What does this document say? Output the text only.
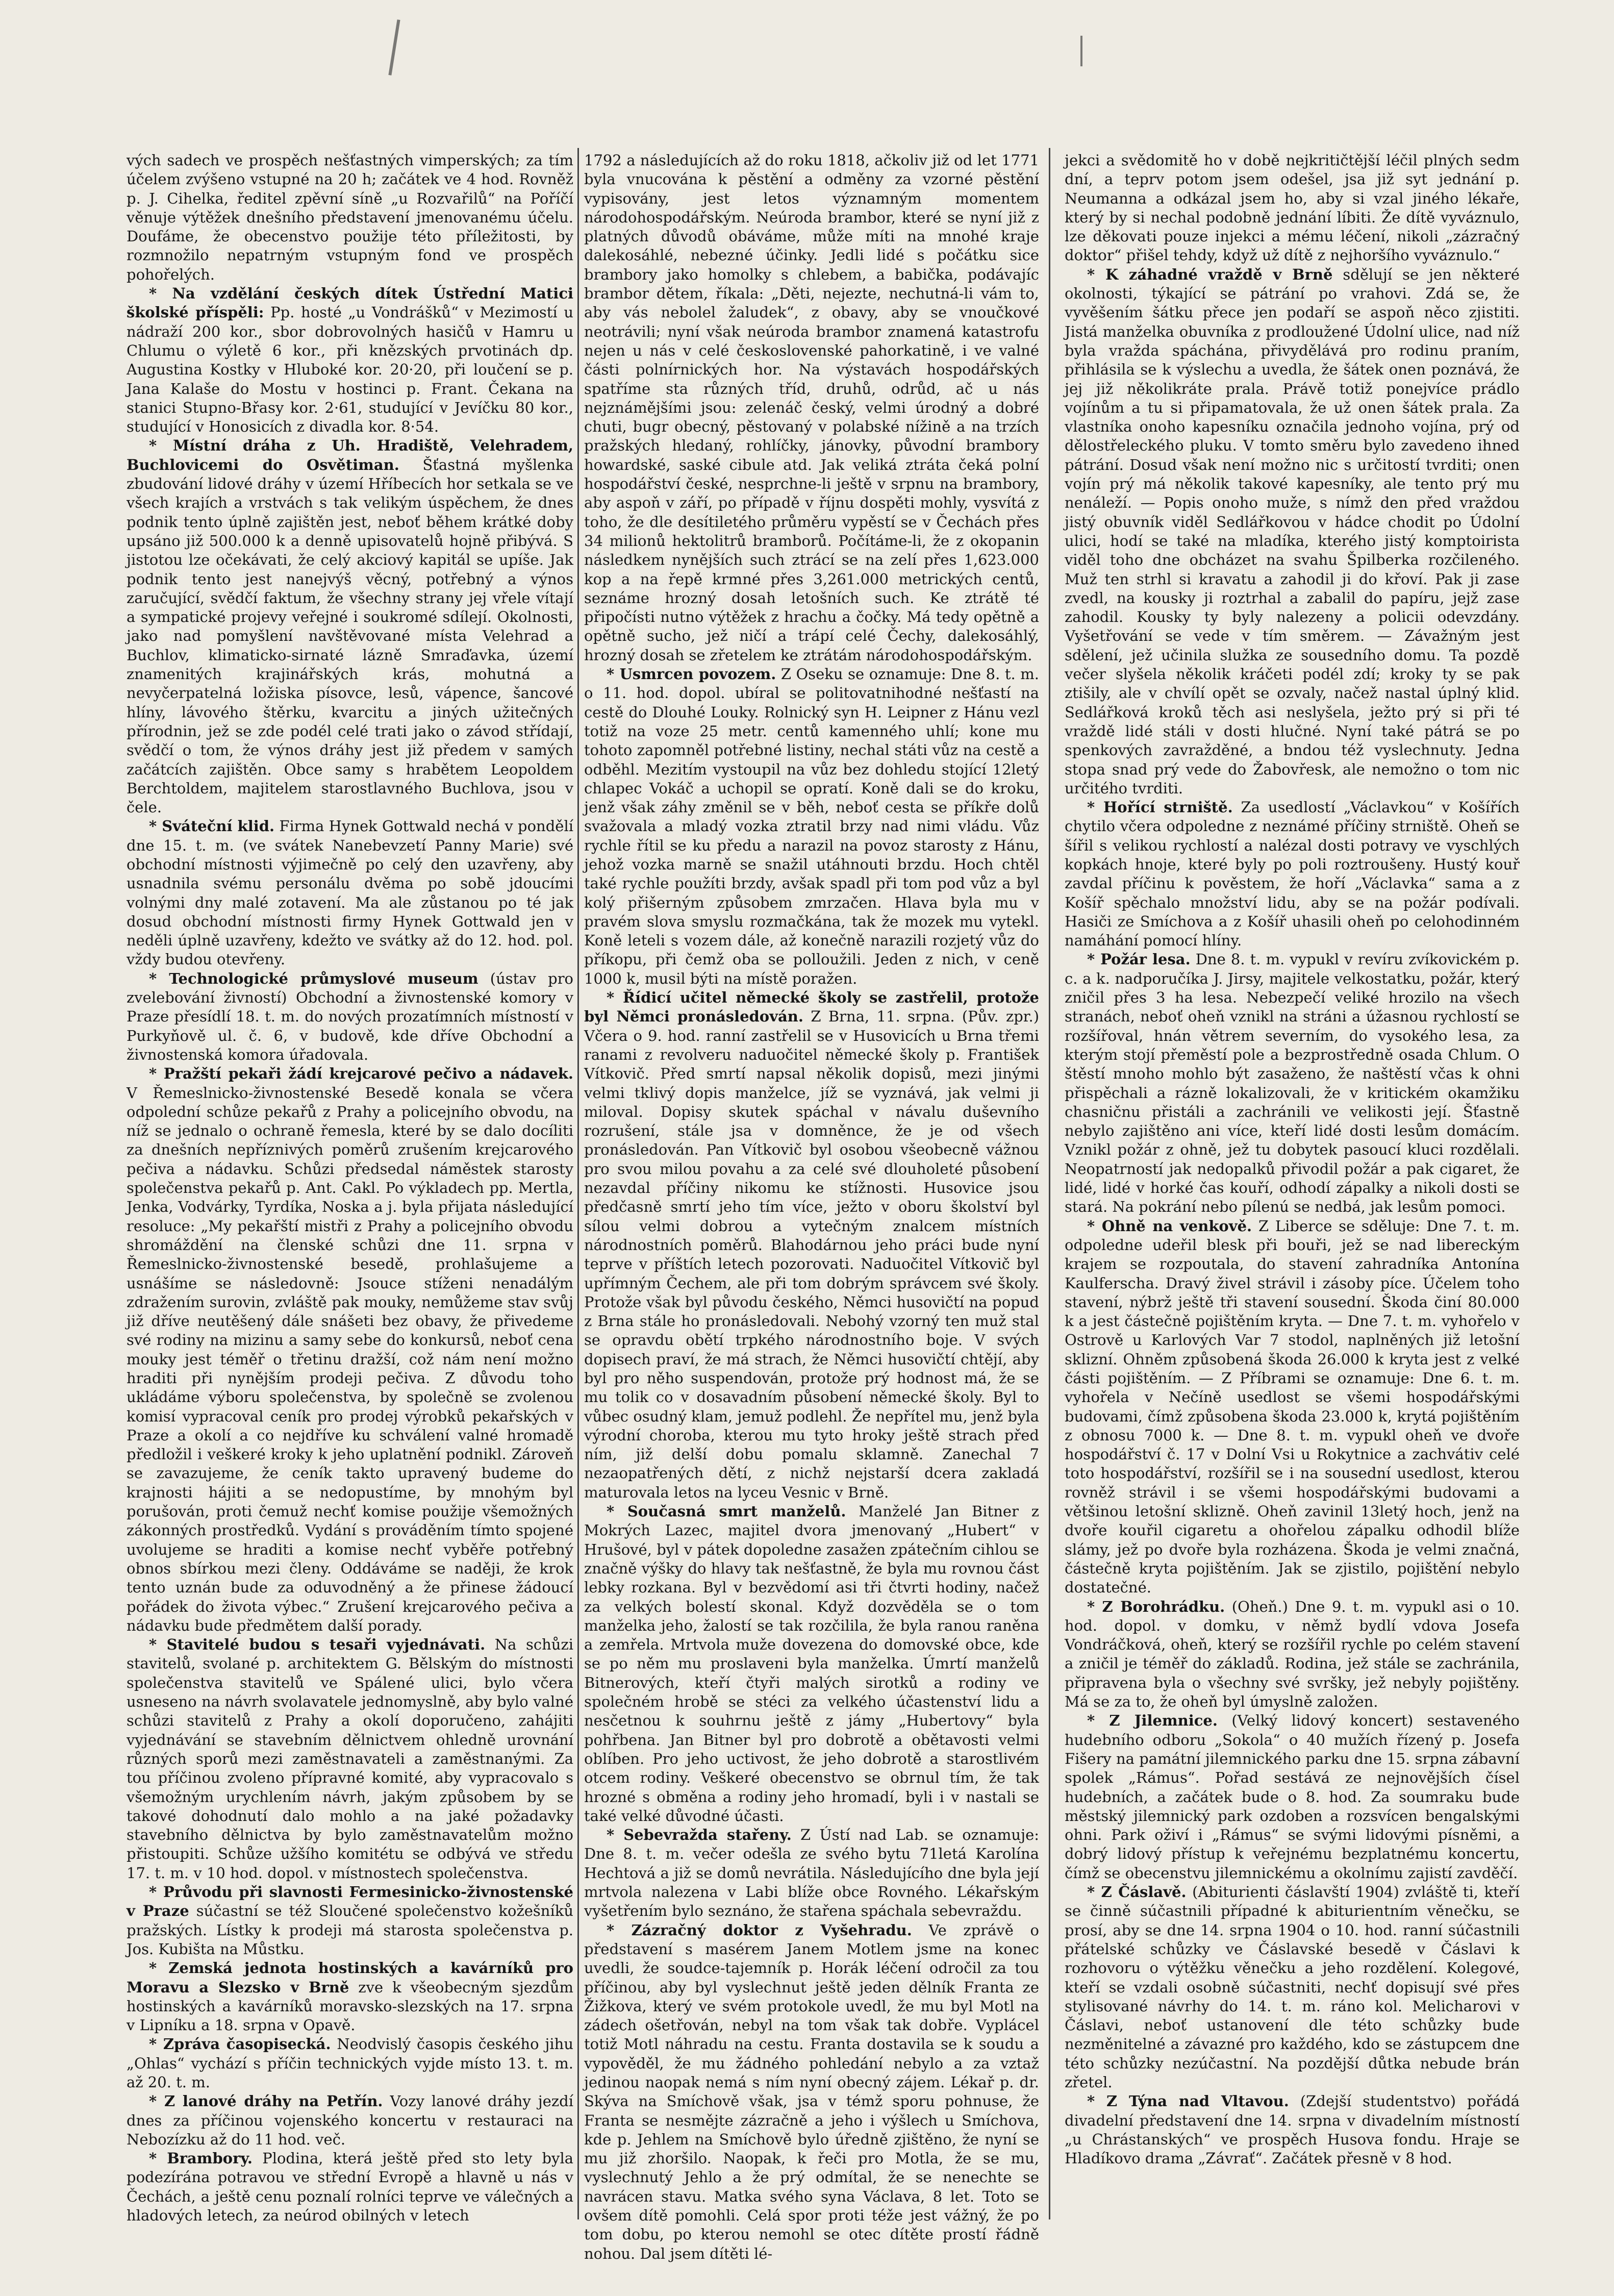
vých sadech ve prospěch nešťastných vimperských; za tím účelem zvýšeno vstupné na 20 h; začátek ve 4 hod. Rovněž p. J. Cihelka, ředitel zpěvní síně „u Rozvařilů“ na Poříčí věnuje výtěžek dnešního představení jmenovanému účelu. Doufáme, že obecenstvo použije této příležitosti, by rozmnožilo nepatrným vstupným fond ve prospěch pohořelých.

* Na vzdělání českých dítek Ústřední Matici školské příspěli: Pp. hosté „u Vondrášků“ v Mezimostí u nádraží 200 kor., sbor dobrovolných hasičů v Hamru u Chlumu o výletě 6 kor., při knězských prvotinách dp. Augustina Kostky v Hluboké kor. 20·20, při loučení se p. Jana Kalaše do Mostu v hostinci p. Frant. Čekana na stanici Stupno-Břasy kor. 2·61, studující v Jevíčku 80 kor., studující v Honosicích z divadla kor. 8·54.

* Místní dráha z Uh. Hradiště, Velehradem, Buchlovicemi do Osvětiman. Šťastná myšlenka zbudování lidové dráhy v území Hříbecích hor setkala se ve všech krajích a vrstvách s tak velikým úspěchem, že dnes podnik tento úplně zajištěn jest, neboť během krátké doby upsáno již 500.000 k a denně upisovatelů hojně přibývá. S jistotou lze očekávati, že celý akciový kapitál se upíše. Jak podnik tento jest nanejvýš věcný, potřebný a výnos zaručující, svědčí faktum, že všechny strany jej vřele vítají a sympatické projevy veřejné i soukromé sdílejí. Okolnosti, jako nad pomyšlení navštěvované místa Velehrad a Buchlov, klimaticko-sirnaté lázně Smraďavka, území znamenitých krajinářských krás, mohutná a nevyčerpatelná ložiska písovce, lesů, vápence, šancové hlíny, lávového štěrku, kvarcitu a jiných užitečných přírodnin, jež se zde podél celé trati jako o závod střídají, svědčí o tom, že výnos dráhy jest již předem v samých začátcích zajištěn. Obce samy s hrabětem Leopoldem Berchtoldem, majitelem starostlavného Buchlova, jsou v čele.

* Sváteční klid. Firma Hynek Gottwald nechá v pondělí dne 15. t. m. (ve svátek Nanebevzetí Panny Marie) své obchodní místnosti výjimečně po celý den uzavřeny, aby usnadnila svému personálu dvěma po sobě jdoucími volnými dny malé zotavení. Ma ale zůstanou po té jak dosud obchodní místnosti firmy Hynek Gottwald jen v neděli úplně uzavřeny, kdežto ve svátky až do 12. hod. pol. vždy budou otevřeny.

* Technologické průmyslové museum (ústav pro zvelebování živností) Obchodní a živnostenské komory v Praze přesídlí 18. t. m. do nových prozatímních místností v Purkyňově ul. č. 6, v budově, kde dříve Obchodní a živnostenská komora úřadovala.

* Pražští pekaři žádí krejcarové pečivo a nádavek. V Řemeslnicko-živnostenské Besedě konala se včera odpolední schůze pekařů z Prahy a policejního obvodu, na níž se jednalo o ochraně řemesla, které by se dalo docíliti za dnešních nepříznivých poměrů zrušením krejcarového pečiva a nádavku. Schůzi předsedal náměstek starosty společenstva pekařů p. Ant. Cakl. Po výkladech pp. Mertla, Jenka, Vodvárky, Tyrdíka, Noska a j. byla přijata následující resoluce: „My pekařští mistři z Prahy a policejního obvodu shromáždění na členské schůzi dne 11. srpna v Řemeslnicko-živnostenské besedě, prohlašujeme a usnášíme se následovně: Jsouce stíženi nenadálým zdražením surovin, zvláště pak mouky, nemůžeme stav svůj již dříve neutěšený dále snášeti bez obavy, že přivedeme své rodiny na mizinu a samy sebe do konkursů, neboť cena mouky jest téměř o třetinu dražší, což nám není možno hraditi při nynějším prodeji pečiva. Z důvodu toho ukládáme výboru společenstva, by společně se zvolenou komisí vypracoval ceník pro prodej výrobků pekařských v Praze a okolí a co nejdříve ku schválení valné hromadě předložil i veškeré kroky k jeho uplatnění podnikl. Zároveň se zavazujeme, že ceník takto upravený budeme do krajnosti hájiti a se nedopustíme, by mnohým byl porušován, proti čemuž nechť komise použije všemožných zákonných prostředků. Vydání s prováděním tímto spojené uvolujeme se hraditi a komise nechť vyběře potřebný obnos sbírkou mezi členy. Oddáváme se naději, že krok tento uznán bude za oduvodněný a že přinese žádoucí pořádek do života výbec.“ Zrušení krejcarového pečiva a nádavku bude předmětem další porady.

* Stavitelé budou s tesaři vyjednávati. Na schůzi stavitelů, svolané p. architektem G. Bělským do místnosti společenstva stavitelů ve Spálené ulici, bylo včera usneseno na návrh svolavatele jednomyslně, aby bylo valné schůzi stavitelů z Prahy a okolí doporučeno, zahájiti vyjednávání se stavebním dělnictvem ohledně urovnání různých sporů mezi zaměstnavateli a zaměstnanými. Za tou příčinou zvoleno přípravné komité, aby vypracovalo s všemožným urychlením návrh, jakým způsobem by se takové dohodnutí dalo mohlo a na jaké požadavky stavebního dělnictva by bylo zaměstnavatelům možno přistoupiti. Schůze užšího komitétu se odbývá ve středu 17. t. m. v 10 hod. dopol. v místnostech společenstva.

* Průvodu při slavnosti Fermesinicko-živnostenské v Praze súčastní se též Sloučené společenstvo kožešníků pražských. Lístky k prodeji má starosta společenstva p. Jos. Kubišta na Můstku.

* Zemská jednota hostinských a kavárníků pro Moravu a Slezsko v Brně zve k všeobecným sjezdům hostinských a kavárníků moravsko-slezských na 17. srpna v Lipníku a 18. srpna v Opavě.

* Zpráva časopisecká. Neodvislý časopis českého jihu „Ohlas“ vychází s příčin technických vyjde místo 13. t. m. až 20. t. m.

* Z lanové dráhy na Petřín. Vozy lanové dráhy jezdí dnes za příčinou vojenského koncertu v restauraci na Nebozízku až do 11 hod. več.

* Brambory. Plodina, která ještě před sto lety byla podezírána potravou ve střední Evropě a hlavně u nás v Čechách, a ještě cenu poznalí rolníci teprve ve válečných a hladových letech, za neúrod obilných v letech

1792 a následujících až do roku 1818, ačkoliv již od let 1771 byla vnucována k pěstění a odměny za vzorné pěstění vypisovány, jest letos významným momentem národohospodářským. Neúroda brambor, které se nyní již z platných důvodů obáváme, může míti na mnohé kraje dalekosáhlé, nebezné účinky. Jedli lidé s počátku sice brambory jako homolky s chlebem, a babička, podávajíc brambor dětem, říkala: „Děti, nejezte, nechutná-li vám to, aby vás nebolel žaludek“, z obavy, aby se vnoučkové neotrávili; nyní však neúroda brambor znamená katastrofu nejen u nás v celé československé pahorkatině, i ve valné části polnírnických hor. Na výstavách hospodářských spatříme sta různých tříd, druhů, odrůd, ač u nás nejznámějšími jsou: zelenáč český, velmi úrodný a dobré chuti, bugr obecný, pěstovaný v polabské nížině a na trzích pražských hledaný, rohlíčky, jánovky, původní brambory howardské, saské cibule atd. Jak veliká ztráta čeká polní hospodářství české, nesprchne-li ještě v srpnu na brambory, aby aspoň v září, po případě v říjnu dospěti mohly, vysvítá z toho, že dle desítiletého průměru vypěstí se v Čechách přes 34 milionů hektolitrů bramborů. Počítáme-li, že z okopanin následkem nynějších such ztrácí se na zelí přes 1,623.000 kop a na řepě krmné přes 3,261.000 metrických centů, seznáme hrozný dosah letošních such. Ke ztrátě té připočísti nutno výtěžek z hrachu a čočky. Má tedy opětně a opětně sucho, jež ničí a trápí celé Čechy, dalekosáhlý, hrozný dosah se zřetelem ke ztrátám národohospodářským.

* Usmrcen povozem. Z Oseku se oznamuje: Dne 8. t. m. o 11. hod. dopol. ubíral se politovatnihodné nešťastí na cestě do Dlouhé Louky. Rolnický syn H. Leipner z Hánu vezl totiž na voze 25 metr. centů kamenného uhlí; kone mu tohoto zapomněl potřebné listiny, nechal státi vůz na cestě a odběhl. Mezitím vystoupil na vůz bez dohledu stojící 12letý chlapec Vokáč a uchopil se opratí. Koně dali se do kroku, jenž však záhy změnil se v běh, neboť cesta se příkře dolů svažovala a mladý vozka ztratil brzy nad nimi vládu. Vůz rychle řítil se ku předu a narazil na povoz starosty z Hánu, jehož vozka marně se snažil utáhnouti brzdu. Hoch chtěl také rychle použíti brzdy, avšak spadl při tom pod vůz a byl kolý přišerným způsobem zmrzačen. Hlava byla mu v pravém slova smyslu rozmačkána, tak že mozek mu vytekl. Koně leteli s vozem dále, až konečně narazili rozjetý vůz do příkopu, při čemž oba se polloužili. Jeden z nich, v ceně 1000 k, musil býti na místě poražen.

* Řídicí učitel německé školy se zastřelil, protože byl Němci pronásledován. Z Brna, 11. srpna. (Pův. zpr.) Včera o 9. hod. ranní zastřelil se v Husovicích u Brna třemi ranami z revolveru naduočitel německé školy p. František Vítkovič. Před smrtí napsal několik dopisů, mezi jinými velmi tklivý dopis manželce, jíž se vyznává, jak velmi ji miloval. Dopisy skutek spáchal v návalu duševního rozrušení, stále jsa v domněnce, že je od všech pronásledován. Pan Vítkovič byl osobou všeobecně vážnou pro svou milou povahu a za celé své dlouholeté působení nezavdal příčiny nikomu ke stížnosti. Husovice jsou předčasně smrtí jeho tím více, ježto v oboru školství byl sílou velmi dobrou a vytečným znalcem místních národnostních poměrů. Blahodárnou jeho práci bude nyní teprve v příštích letech pozorovati. Naduočitel Vítkovič byl upřímným Čechem, ale při tom dobrým správcem své školy. Protože však byl původu českého, Němci husovičtí na popud z Brna stále ho pronásledovali. Nebohý vzorný ten muž stal se opravdu obětí trpkého národnostního boje. V svých dopisech praví, že má strach, že Němci husovičtí chtějí, aby byl pro něho suspendován, protože prý hodnost má, že se mu tolik co v dosavadním působení německé školy. Byl to vůbec osudný klam, jemuž podlehl. Že nepřítel mu, jenž byla výrodní choroba, kterou mu tyto hroky ještě strach před ním, již delší dobu pomalu sklamně. Zanechal 7 nezaopatřených dětí, z nichž nejstarší dcera zakladá maturovala letos na lyceu Vesnic v Brně.

* Současná smrt manželů. Manželé Jan Bitner z Mokrých Lazec, majitel dvora jmenovaný „Hubert“ v Hrušové, byl v pátek dopoledne zasažen zpátečním cihlou se značně výšky do hlavy tak nešťastně, že byla mu rovnou část lebky rozkana. Byl v bezvědomí asi tři čtvrti hodiny, načež za velkých bolestí skonal. Když dozvěděla se o tom manželka jeho, žalostí se tak rozčilila, že byla ranou raněna a zemřela. Mrtvola muže dovezena do domovské obce, kde se po něm mu proslaveni byla manželka. Úmrtí manželů Bitnerových, kteří čtyři malých sirotků a rodiny ve společném hrobě se stéci za velkého účastenství lidu a nesčetnou k souhrnu ještě z jámy „Hubertovy“ byla pohřbena. Jan Bitner byl pro dobrotě a obětavosti velmi oblíben. Pro jeho uctivost, že jeho dobrotě a starostlivém otcem rodiny. Veškeré obecenstvo se obrnul tím, že tak hrozné s obměna a rodiny jeho hromadí, byli i v nastali se také velké důvodné účasti.

* Sebevražda stařeny. Z Ústí nad Lab. se oznamuje: Dne 8. t. m. večer odešla ze svého bytu 71letá Karolína Hechtová a již se domů nevrátila. Následujícího dne byla její mrtvola nalezena v Labi blíže obce Rovného. Lékařským vyšetřením bylo seznáno, že stařena spáchala sebevraždu.

* Zázračný doktor z Vyšehradu. Ve zprávě o představení s masérem Janem Motlem jsme na konec uvedli, že soudce-tajemník p. Horák léčení odročil za tou příčinou, aby byl vyslechnut ještě jeden dělník Franta ze Žižkova, který ve svém protokole uvedl, že mu byl Motl na zádech ošetřován, nebyl na tom však tak dobře. Vyplácel totiž Motl náhradu na cestu. Franta dostavila se k soudu a vypověděl, že mu žádného pohledání nebylo a za vztaž jedinou naopak nemá s ním nyní obecný zájem. Lékař p. dr. Skýva na Smíchově však, jsa v témž sporu pohnuse, že Franta se nesmějte zázračně a jeho i výšlech u Smíchova, kde p. Jehlem na Smíchově bylo úředně zjištěno, že nyní se mu již zhoršilo. Naopak, k řeči pro Motla, že se mu, vyslechnutý Jehlo a že prý odmítal, že se nenechte se navrácen stavu. Matka svého syna Václava, 8 let. Toto se ovšem dítě pomohli. Celá spor proti téže jest vážný, že po tom dobu, po kterou nemohl se otec dítěte prostí řádně nohou. Dal jsem dítěti lé-

jekci a svědomitě ho v době nejkritičtější léčil plných sedm dní, a teprv potom jsem odešel, jsa již syt jednání p. Neumanna a odkázal jsem ho, aby si vzal jiného lékaře, který by si nechal podobně jednání líbiti. Že dítě vyváznulo, lze děkovati pouze injekci a mému léčení, nikoli „zázračný doktor“ přišel tehdy, když už dítě z nejhoršího vyváznulo.“

* K záhadné vraždě v Brně sdělují se jen některé okolnosti, týkající se pátrání po vrahovi. Zdá se, že vyvěšením šátku přece jen podaří se aspoň něco zjistiti. Jistá manželka obuvníka z prodloužené Údolní ulice, nad níž byla vražda spáchána, přivydělává pro rodinu praním, přihlásila se k výslechu a uvedla, že šátek onen poznává, že jej již několikráte prala. Právě totiž ponejvíce prádlo vojínům a tu si připamatovala, že už onen šátek prala. Za vlastníka onoho kapesníku označila jednoho vojína, prý od dělostřeleckého pluku. V tomto směru bylo zavedeno ihned pátrání. Dosud však není možno nic s určitostí tvrditi; onen vojín prý má několik takové kapesníky, ale tento prý mu nenáleží. — Popis onoho muže, s nímž den před vraždou jistý obuvník viděl Sedlářkovou v hádce chodit po Údolní ulici, hodí se také na mladíka, kterého jistý komptoirista viděl toho dne obcházet na svahu Špilberka rozčileného. Muž ten strhl si kravatu a zahodil ji do křoví. Pak ji zase zvedl, na kousky ji roztrhal a zabalil do papíru, jejž zase zahodil. Kousky ty byly nalezeny a policii odevzdány. Vyšetřování se vede v tím směrem. — Závažným jest sdělení, jež učinila služka ze sousedního domu. Ta pozdě večer slyšela několik kráčeti podél zdí; kroky ty se pak ztišily, ale v chvílí opět se ozvaly, načež nastal úplný klid. Sedlářková kroků těch asi neslyšela, ježto prý si při té vraždě lidé stáli v dosti hlučné. Nyní také pátrá se po spenkových zavražděné, a bndou též vyslechnuty. Jedna stopa snad prý vede do Žabovřesk, ale nemožno o tom nic určitého tvrditi.

* Hořící strniště. Za usedlostí „Václavkou“ v Košířích chytilo včera odpoledne z neznámé příčiny strniště. Oheň se šířil s velikou rychlostí a nalézal dosti potravy ve vyschlých kopkách hnoje, které byly po poli roztroušeny. Hustý kouř zavdal příčinu k pověstem, že hoří „Václavka“ sama a z Košíř spěchalo množství lidu, aby se na požár podívali. Hasiči ze Smíchova a z Košíř uhasili oheň po celohodinném namáhání pomocí hlíny.

* Požár lesa. Dne 8. t. m. vypukl v revíru zvíkovickém p. c. a k. nadporučíka J. Jirsy, majitele velkostatku, požár, který zničil přes 3 ha lesa. Nebezpečí veliké hrozilo na všech stranách, neboť oheň vznikl na stráni a úžasnou rychlostí se rozšířoval, hnán větrem severním, do vysokého lesa, za kterým stojí přeměstí pole a bezprostředně osada Chlum. O štěstí mnoho mohlo být zasaženo, že naštěstí včas k ohni přispěchali a rázně lokalizovali, že v kritickém okamžiku chasničnu přistáli a zachránili ve velikosti její. Šťastně nebylo zajištěno ani více, kteří lidé dosti lesům domácím. Vznikl požár z ohně, jež tu dobytek pasoucí kluci rozdělali. Neopatrností jak nedopalků přivodil požár a pak cigaret, že lidé, lidé v horké čas kouří, odhodí zápalky a nikoli dosti se stará. Na pokrání nebo pílenú se nedbá, jak lesům pomoci.

* Ohně na venkově. Z Liberce se sděluje: Dne 7. t. m. odpoledne udeřil blesk při bouři, jež se nad libereckým krajem se rozpoutala, do stavení zahradníka Antonína Kaulferscha. Dravý živel strávil i zásoby píce. Účelem toho stavení, nýbrž ještě tři stavení sousední. Škoda činí 80.000 k a jest částečně pojištěním kryta. — Dne 7. t. m. vyhořelo v Ostrově u Karlových Var 7 stodol, naplněných již letošní sklizní. Ohněm způsobená škoda 26.000 k kryta jest z velké části pojištěním. — Z Příbrami se oznamuje: Dne 6. t. m. vyhořela v Nečíně usedlost se všemi hospodářskými budovami, čímž způsobena škoda 23.000 k, krytá pojištěním z obnosu 7000 k. — Dne 8. t. m. vypukl oheň ve dvoře hospodářství č. 17 v Dolní Vsi u Rokytnice a zachvátiv celé toto hospodářství, rozšířil se i na sousední usedlost, kterou rovněž strávil i se všemi hospodářskými budovami a většinou letošní sklizně. Oheň zavinil 13letý hoch, jenž na dvoře kouřil cigaretu a ohořelou zápalku odhodil blíže slámy, jež po dvoře byla rozházena. Škoda je velmi značná, částečně kryta pojištěním. Jak se zjistilo, pojištění nebylo dostatečné.

* Z Borohrádku. (Oheň.) Dne 9. t. m. vypukl asi o 10. hod. dopol. v domku, v němž bydlí vdova Josefa Vondráčková, oheň, který se rozšířil rychle po celém stavení a zničil je téměř do základů. Rodina, jež stále se zachránila, připravena byla o všechny své svršky, jež nebyly pojištěny. Má se za to, že oheň byl úmyslně založen.

* Z Jilemnice. (Velký lidový koncert) sestaveného hudebního odboru „Sokola“ o 40 mužích řízený p. Josefa Fišery na památní jilemnického parku dne 15. srpna zábavní spolek „Rámus“. Pořad sestává ze nejnovějších čísel hudebních, a začátek bude o 8. hod. Za soumraku bude městský jilemnický park ozdoben a rozsvícen bengalskými ohni. Park oživí i „Rámus“ se svými lidovými písněmi, a dobrý lidový přístup k veřejnému bezplatnému koncertu, čímž se obecenstvu jilemnickému a okolnímu zajistí zavděčí.

* Z Čáslavě. (Abiturienti čáslavští 1904) zvláště ti, kteří se činně súčastnili případné k abiturientním věnečku, se prosí, aby se dne 14. srpna 1904 o 10. hod. ranní súčastnili přátelské schůzky ve Čáslavské besedě v Čáslavi k rozhovoru o výtěžku věnečku a jeho rozdělení. Kolegové, kteří se vzdali osobně súčastniti, nechť dopisují své přes stylisované návrhy do 14. t. m. ráno kol. Melicharovi v Čáslavi, neboť ustanovení dle této schůzky bude nezměnitelné a závazné pro každého, kdo se zástupcem dne této schůzky nezúčastní. Na pozdější důtka nebude brán zřetel.

* Z Týna nad Vltavou. (Zdejší studentstvo) pořádá divadelní představení dne 14. srpna v divadelním místností „u Chrástanských“ ve prospěch Husova fondu. Hraje se Hladíkovo drama „Závrať“. Začátek přesně v 8 hod.
